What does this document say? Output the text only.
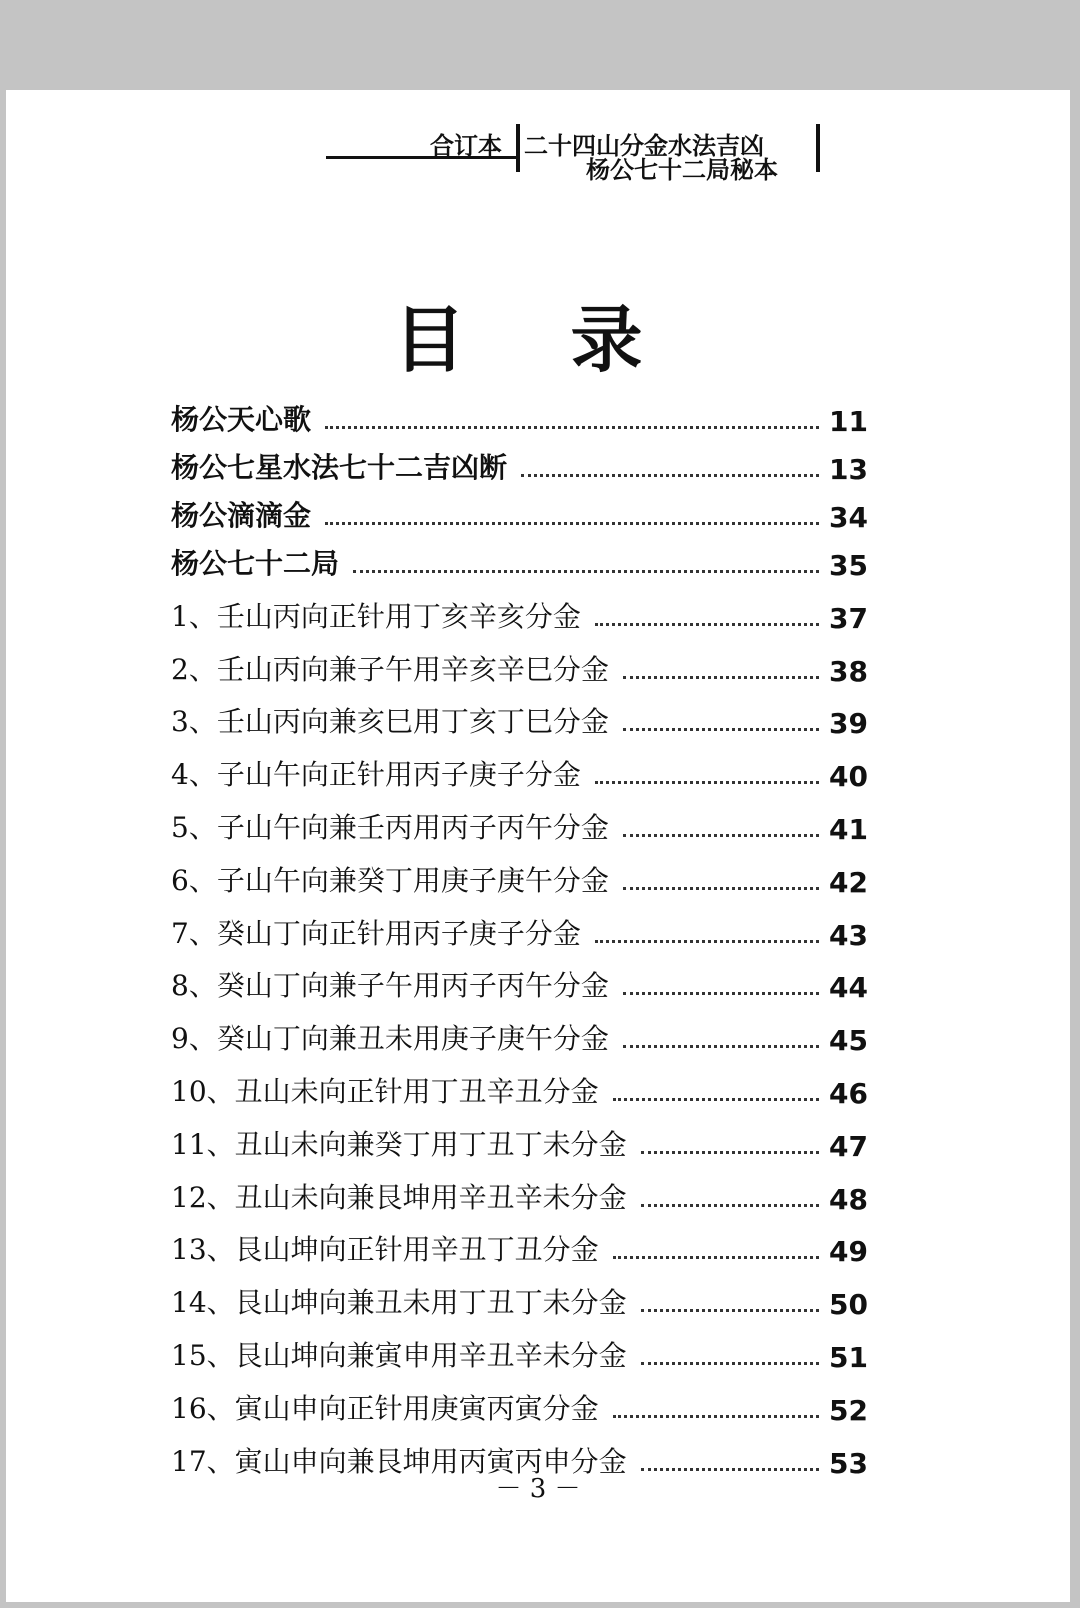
合订本 二十四山分金水法吉凶
杨公七十二局秘本
目 录
杨公天心歌	11
杨公七星水法七十二吉凶断	13
杨公滴滴金	34
杨公七十二局	35
1、壬山丙向正针用丁亥辛亥分金	37
2、壬山丙向兼子午用辛亥辛巳分金	38
3、壬山丙向兼亥巳用丁亥丁巳分金	39
4、子山午向正针用丙子庚子分金	40
5、子山午向兼壬丙用丙子丙午分金	41
6、子山午向兼癸丁用庚子庚午分金	42
7、癸山丁向正针用丙子庚子分金	43
8、癸山丁向兼子午用丙子丙午分金	44
9、癸山丁向兼丑未用庚子庚午分金	45
10、丑山未向正针用丁丑辛丑分金	46
11、丑山未向兼癸丁用丁丑丁未分金	47
12、丑山未向兼艮坤用辛丑辛未分金	48
13、艮山坤向正针用辛丑丁丑分金	49
14、艮山坤向兼丑未用丁丑丁未分金	50
15、艮山坤向兼寅申用辛丑辛未分金	51
16、寅山申向正针用庚寅丙寅分金	52
17、寅山申向兼艮坤用丙寅丙申分金	53
－ 3 －
